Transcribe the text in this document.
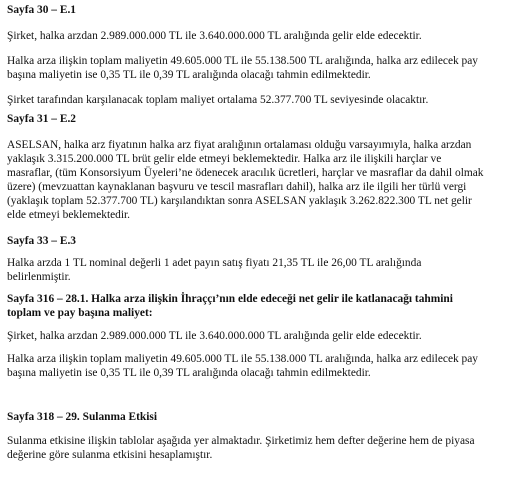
Sayfa 30 – E.1
Şirket, halka arzdan 2.989.000.000 TL ile 3.640.000.000 TL aralığında gelir elde edecektir.
Halka arza ilişkin toplam maliyetin 49.605.000 TL ile 55.138.500 TL aralığında, halka arz edilecek pay
başına maliyetin ise 0,35 TL ile 0,39 TL aralığında olacağı tahmin edilmektedir.
Şirket tarafından karşılanacak toplam maliyet ortalama 52.377.700 TL seviyesinde olacaktır.
Sayfa 31 – E.2
ASELSAN, halka arz fiyatının halka arz fiyat aralığının ortalaması olduğu varsayımıyla, halka arzdan
yaklaşık 3.315.200.000 TL brüt gelir elde etmeyi beklemektedir. Halka arz ile ilişkili harçlar ve
masraflar, (tüm Konsorsiyum Üyeleri’ne ödenecek aracılık ücretleri, harçlar ve masraflar da dahil olmak
üzere) (mevzuattan kaynaklanan başvuru ve tescil masrafları dahil), halka arz ile ilgili her türlü vergi
(yaklaşık toplam 52.377.700 TL) karşılandıktan sonra ASELSAN yaklaşık 3.262.822.300 TL net gelir
elde etmeyi beklemektedir.
Sayfa 33 – E.3
Halka arzda 1 TL nominal değerli 1 adet payın satış fiyatı 21,35 TL ile 26,00 TL aralığında
belirlenmiştir.
Sayfa 316 – 28.1. Halka arza ilişkin İhraççı’nın elde edeceği net gelir ile katlanacağı tahmini
toplam ve pay başına maliyet:
Şirket, halka arzdan 2.989.000.000 TL ile 3.640.000.000 TL aralığında gelir elde edecektir.
Halka arza ilişkin toplam maliyetin 49.605.000 TL ile 55.138.000 TL aralığında, halka arz edilecek pay
başına maliyetin ise 0,35 TL ile 0,39 TL aralığında olacağı tahmin edilmektedir.
Sayfa 318 – 29. Sulanma Etkisi
Sulanma etkisine ilişkin tablolar aşağıda yer almaktadır. Şirketimiz hem defter değerine hem de piyasa
değerine göre sulanma etkisini hesaplamıştır.
